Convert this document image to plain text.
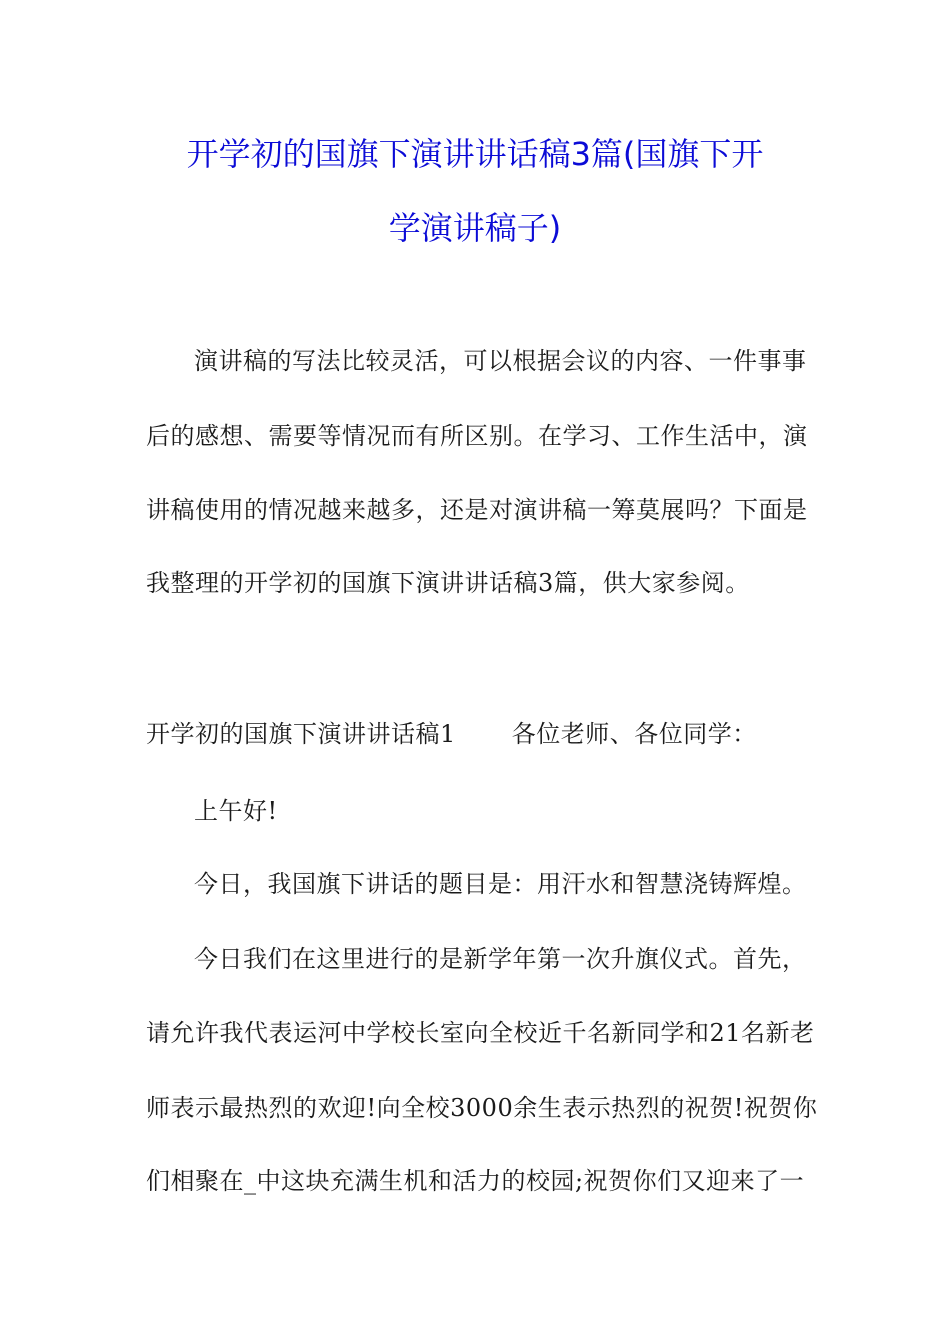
开学初的国旗下演讲讲话稿3篇(国旗下开
学演讲稿子)
演讲稿的写法比较灵活，可以根据会议的内容、一件事事
后的感想、需要等情况而有所区别。在学习、工作生活中，演
讲稿使用的情况越来越多，还是对演讲稿一筹莫展吗？下面是
我整理的开学初的国旗下演讲讲话稿3篇，供大家参阅。
开学初的国旗下演讲讲话稿1 各位老师、各位同学：
上午好!
今日，我国旗下讲话的题目是：用汗水和智慧浇铸辉煌。
今日我们在这里进行的是新学年第一次升旗仪式。首先，
请允许我代表运河中学校长室向全校近千名新同学和21名新老
师表示最热烈的欢迎!向全校3000余生表示热烈的祝贺!祝贺你
们相聚在_中这块充满生机和活力的校园;祝贺你们又迎来了一
